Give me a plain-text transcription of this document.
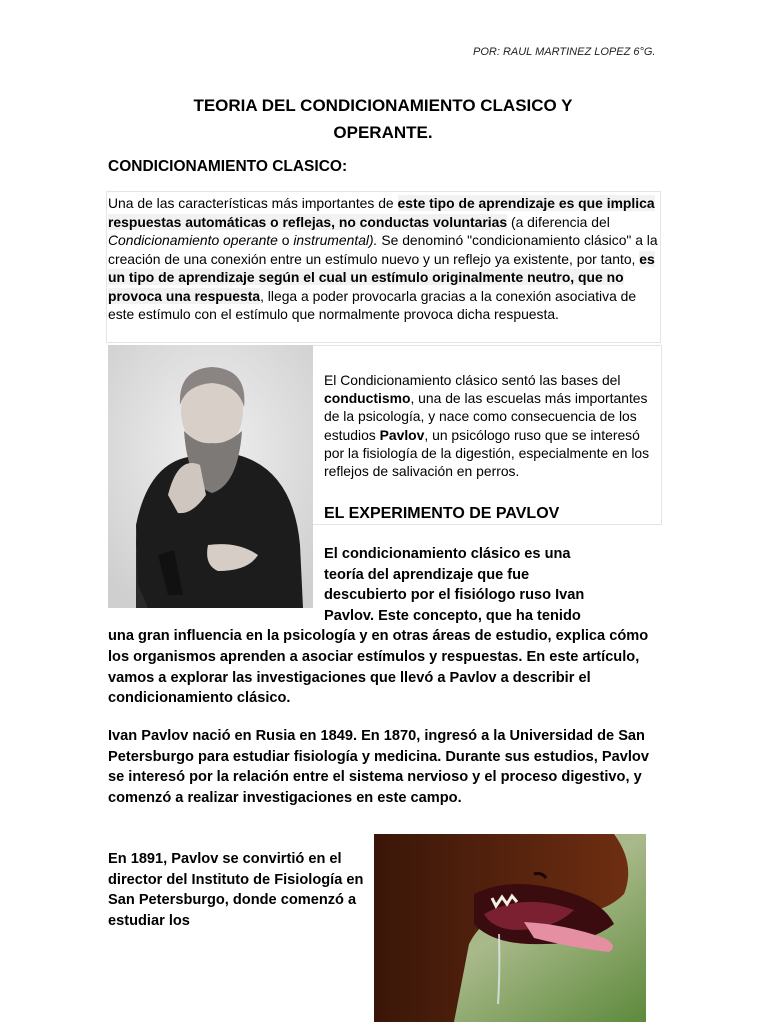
POR: RAUL MARTINEZ LOPEZ 6°G.
TEORIA DEL CONDICIONAMIENTO CLASICO Y
OPERANTE.
CONDICIONAMIENTO CLASICO:
Una de las características más importantes de este tipo de aprendizaje es que implica respuestas automáticas o reflejas, no conductas voluntarias (a diferencia del Condicionamiento operante o instrumental). Se denominó "condicionamiento clásico" a la creación de una conexión entre un estímulo nuevo y un reflejo ya existente, por tanto, es un tipo de aprendizaje según el cual un estímulo originalmente neutro, que no provoca una respuesta, llega a poder provocarla gracias a la conexión asociativa de este estímulo con el estímulo que normalmente provoca dicha respuesta.
El Condicionamiento clásico sentó las bases del conductismo, una de las escuelas más importantes de la psicología, y nace como consecuencia de los estudios Pavlov, un psicólogo ruso que se interesó por la fisiología de la digestión, especialmente en los reflejos de salivación en perros.
EL EXPERIMENTO DE PAVLOV
El condicionamiento clásico es una
teoría del aprendizaje que fue
descubierto por el fisiólogo ruso Ivan
Pavlov. Este concepto, que ha tenido
una gran influencia en la psicología y en otras áreas de estudio, explica cómo los organismos aprenden a asociar estímulos y respuestas. En este artículo, vamos a explorar las investigaciones que llevó a Pavlov a describir el condicionamiento clásico.
Ivan Pavlov nació en Rusia en 1849. En 1870, ingresó a la Universidad de San Petersburgo para estudiar fisiología y medicina. Durante sus estudios, Pavlov se interesó por la relación entre el sistema nervioso y el proceso digestivo, y comenzó a realizar investigaciones en este campo.
En 1891, Pavlov se convirtió en el director del Instituto de Fisiología en San Petersburgo, donde comenzó a estudiar los
